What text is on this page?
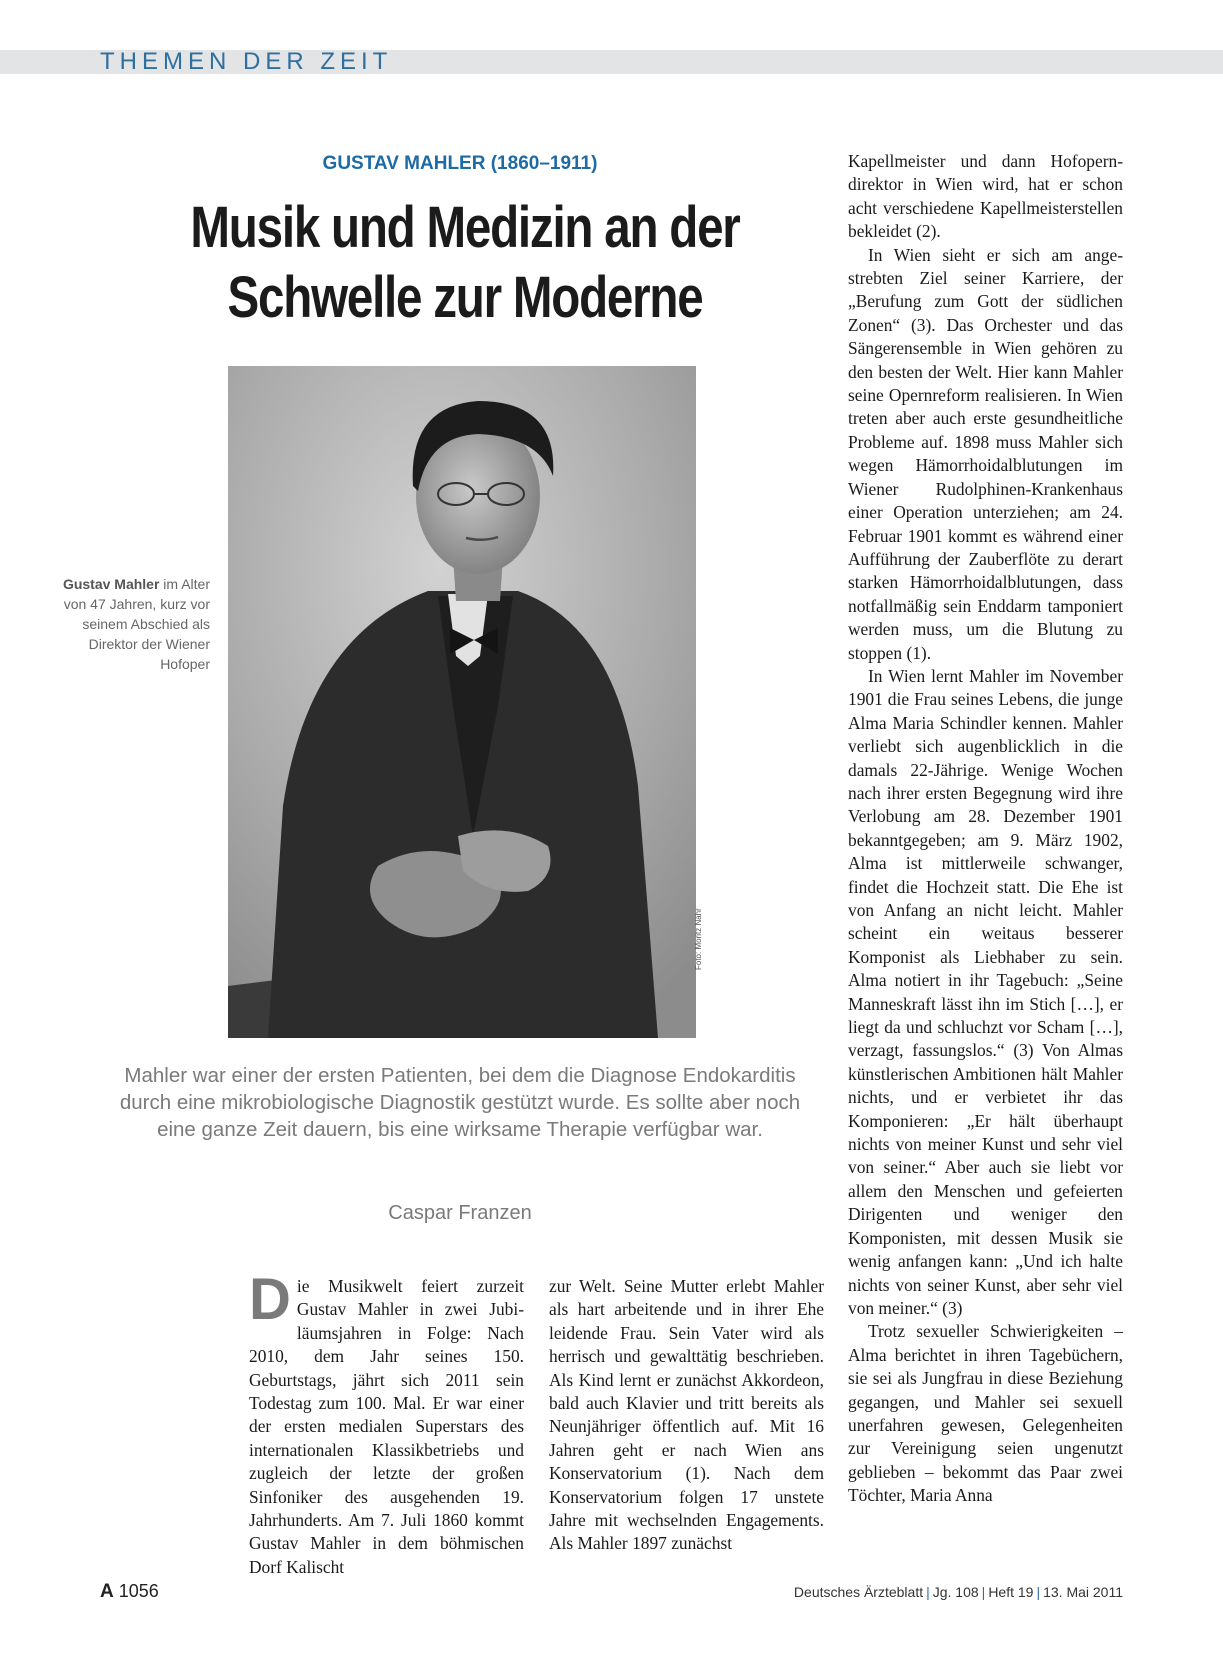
THEMEN DER ZEIT
GUSTAV MAHLER (1860–1911)
Musik und Medizin an der
Schwelle zur Moderne
Foto: Moritz Nähr
Gustav Mahler im Alter von 47 Jahren, kurz vor seinem Abschied als Direktor der Wiener Hofoper
Mahler war einer der ersten Patienten, bei dem die Diagnose Endokarditis durch eine mikrobiologische Diagnostik gestützt wurde. Es sollte aber noch eine ganze Zeit dauern, bis eine wirksame Therapie verfügbar war.
Caspar Franzen

Die Musikwelt feiert zurzeit Gustav Mahler in zwei Jubiläumsjahren in Folge: Nach 2010, dem Jahr seines 150. Geburtstags, jährt sich 2011 sein Todestag zum 100. Mal. Er war einer der ersten medialen Superstars des internationalen Klassikbetriebs und zugleich der letzte der großen Sinfoniker des ausgehenden 19. Jahrhunderts. Am 7. Juli 1860 kommt Gustav Mahler in dem böhmischen Dorf Kalischt

zur Welt. Seine Mutter erlebt Mahler als hart arbeitende und in ihrer Ehe leidende Frau. Sein Vater wird als herrisch und gewalttätig beschrieben. Als Kind lernt er zunächst Akkordeon, bald auch Klavier und tritt bereits als Neunjähriger öffentlich auf. Mit 16 Jahren geht er nach Wien ans Konservatorium (1). Nach dem Konservatorium folgen 17 unstete Jahre mit wechselnden Engagements. Als Mahler 1897 zunächst

Kapellmeister und dann Hofoperndirektor in Wien wird, hat er schon acht verschiedene Kapellmeisterstellen bekleidet (2).

In Wien sieht er sich am angestrebten Ziel seiner Karriere, der „Berufung zum Gott der südlichen Zonen“ (3). Das Orchester und das Sängerensemble in Wien gehören zu den besten der Welt. Hier kann Mahler seine Opernreform realisieren. In Wien treten aber auch erste gesundheitliche Probleme auf. 1898 muss Mahler sich wegen Hämorrhoidalblutungen im Wiener Rudolphinen-Krankenhaus einer Operation unterziehen; am 24. Februar 1901 kommt es während einer Aufführung der Zauberflöte zu derart starken Hämorrhoidalblutungen, dass notfallmäßig sein Enddarm tamponiert werden muss, um die Blutung zu stoppen (1).

In Wien lernt Mahler im November 1901 die Frau seines Lebens, die junge Alma Maria Schindler kennen. Mahler verliebt sich augenblicklich in die damals 22-Jährige. Wenige Wochen nach ihrer ersten Begegnung wird ihre Verlobung am 28. Dezember 1901 bekanntgegeben; am 9. März 1902, Alma ist mittlerweile schwanger, findet die Hochzeit statt. Die Ehe ist von Anfang an nicht leicht. Mahler scheint ein weitaus besserer Komponist als Liebhaber zu sein. Alma notiert in ihr Tagebuch: „Seine Manneskraft lässt ihn im Stich […], er liegt da und schluchzt vor Scham […], verzagt, fassungslos.“ (3) Von Almas künstlerischen Ambitionen hält Mahler nichts, und er verbietet ihr das Komponieren: „Er hält überhaupt nichts von meiner Kunst und sehr viel von seiner.“ Aber auch sie liebt vor allem den Menschen und gefeierten Dirigenten und weniger den Komponisten, mit dessen Musik sie wenig anfangen kann: „Und ich halte nichts von seiner Kunst, aber sehr viel von meiner.“ (3)

Trotz sexueller Schwierigkeiten – Alma berichtet in ihren Tagebüchern, sie sei als Jungfrau in diese Beziehung gegangen, und Mahler sei sexuell unerfahren gewesen, Gelegenheiten zur Vereinigung seien ungenutzt geblieben – bekommt das Paar zwei Töchter, Maria Anna

A 1056	Deutsches Ärzteblatt | Jg. 108 | Heft 19 | 13. Mai 2011
